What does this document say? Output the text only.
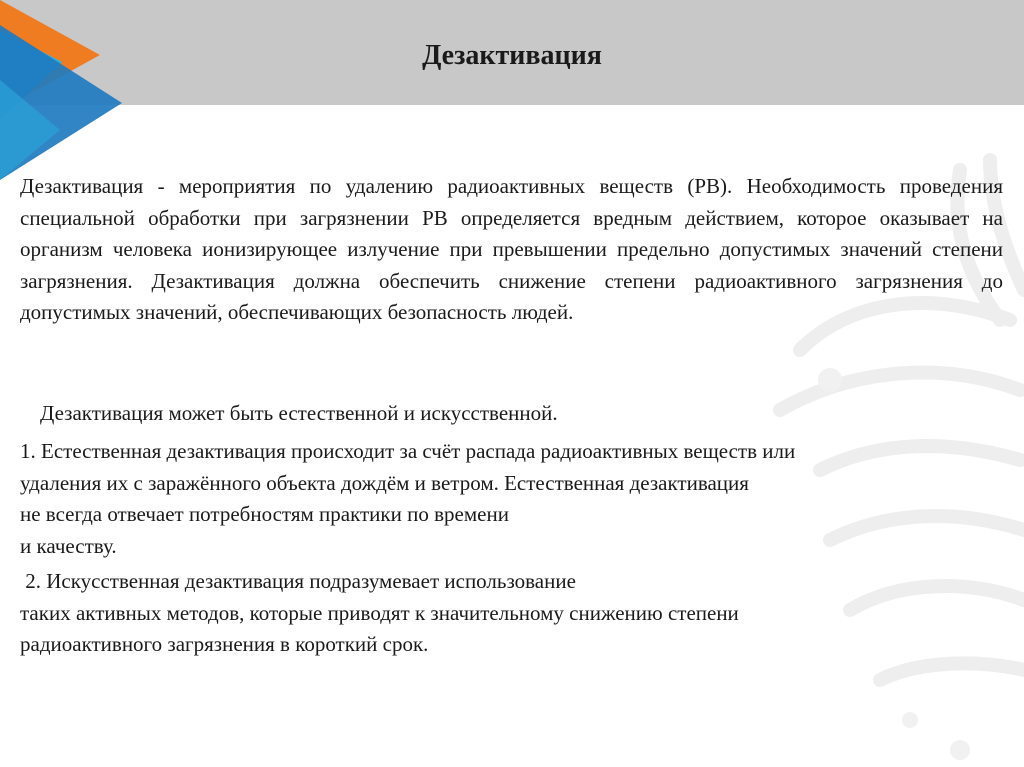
Дезактивация
Дезактивация - мероприятия по удалению радиоактивных веществ (РВ). Необходимость проведения специальной обработки при загрязнении РВ определяется вредным действием, которое оказывает на организм человека ионизирующее излучение при превышении предельно допустимых значений степени загрязнения. Дезактивация должна обеспечить снижение степени радиоактивного загрязнения до допустимых значений, обеспечивающих безопасность людей.
Дезактивация может быть естественной и искусственной.
1. Естественная дезактивация происходит за счёт распада радиоактивных веществ или
удаления их с заражённого объекта дождём и ветром. Естественная дезактивация
не всегда отвечает потребностям практики по времени
и качеству.
2. Искусственная дезактивация подразумевает использование
таких активных методов, которые приводят к значительному снижению степени
радиоактивного загрязнения в короткий срок.
